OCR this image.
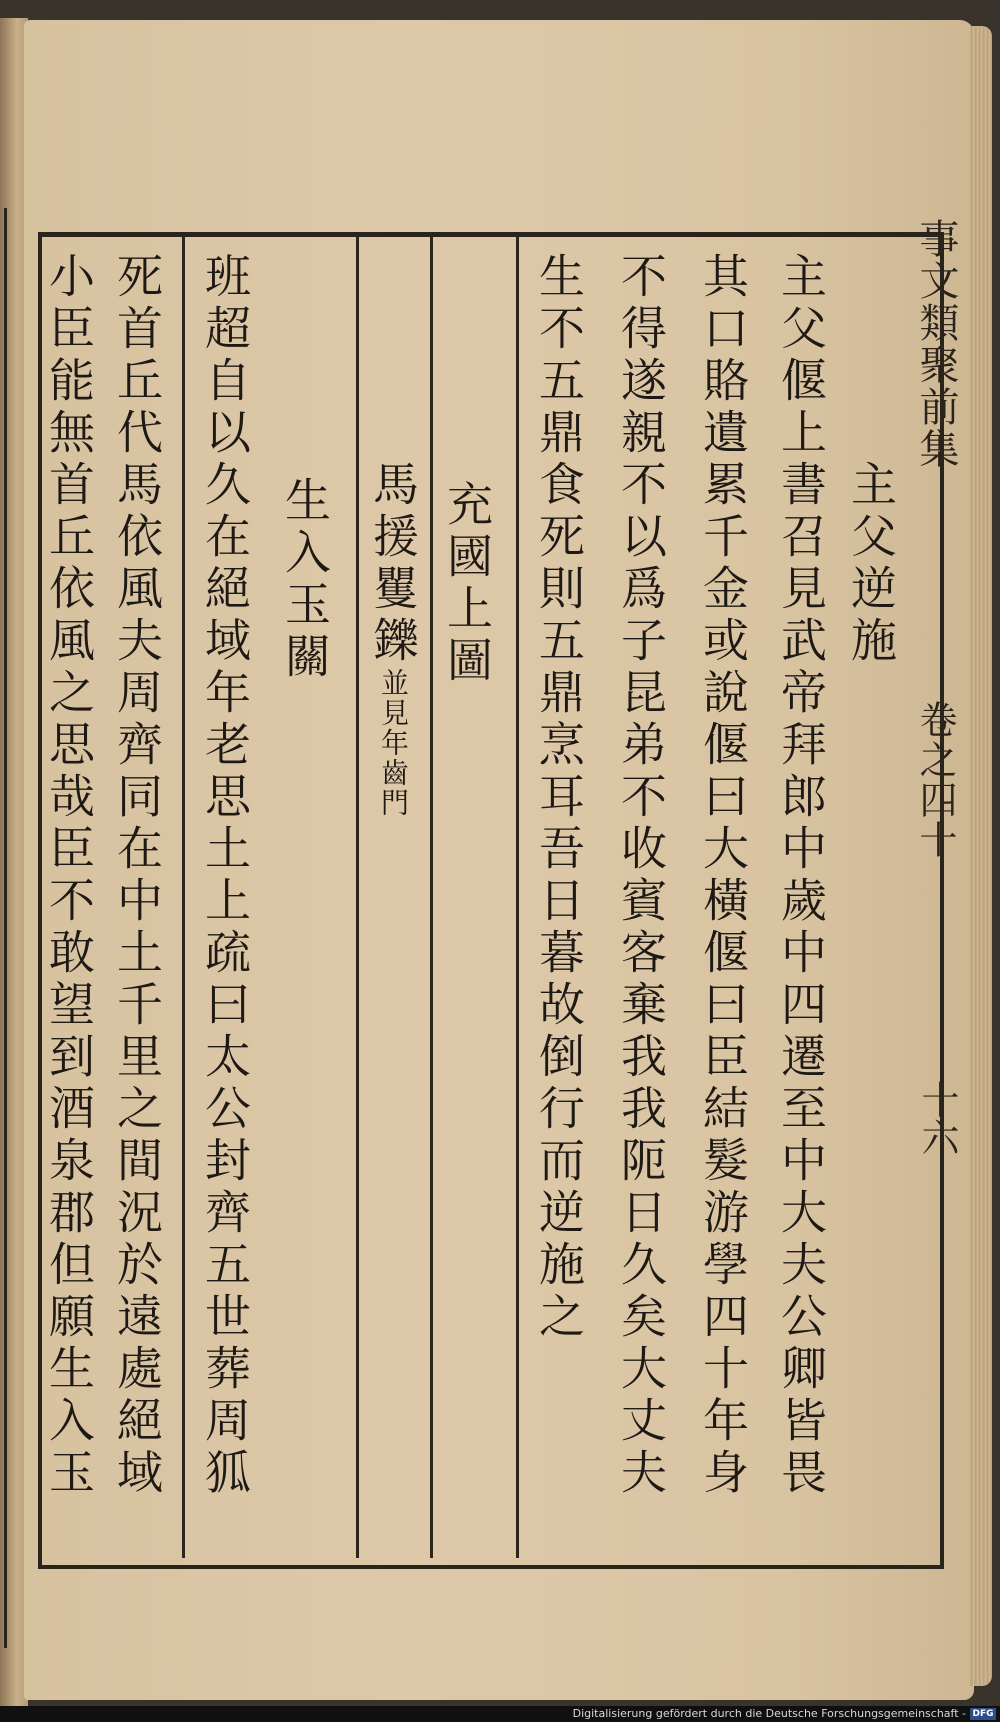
事文類聚前集
卷之四十
十六
主父逆施
主父偃上書召見武帝拜郎中歲中四遷至中大夫公卿皆畏
其口賂遺累千金或說偃曰大橫偃曰臣結髮游學四十年身
不得遂親不以爲子昆弟不收賓客棄我我阨日久矣大丈夫
生不五鼎食死則五鼎烹耳吾日暮故倒行而逆施之
充國上圖
馬援矍鑠並見年齒門
生入玉關
班超自以久在絕域年老思土上疏曰太公封齊五世葬周狐
死首丘代馬依風夫周齊同在中土千里之間況於遠處絕域
小臣能無首丘依風之思哉臣不敢望到酒泉郡但願生入玉
Digitalisierung gefördert durch die Deutsche Forschungsgemeinschaft - DFG
